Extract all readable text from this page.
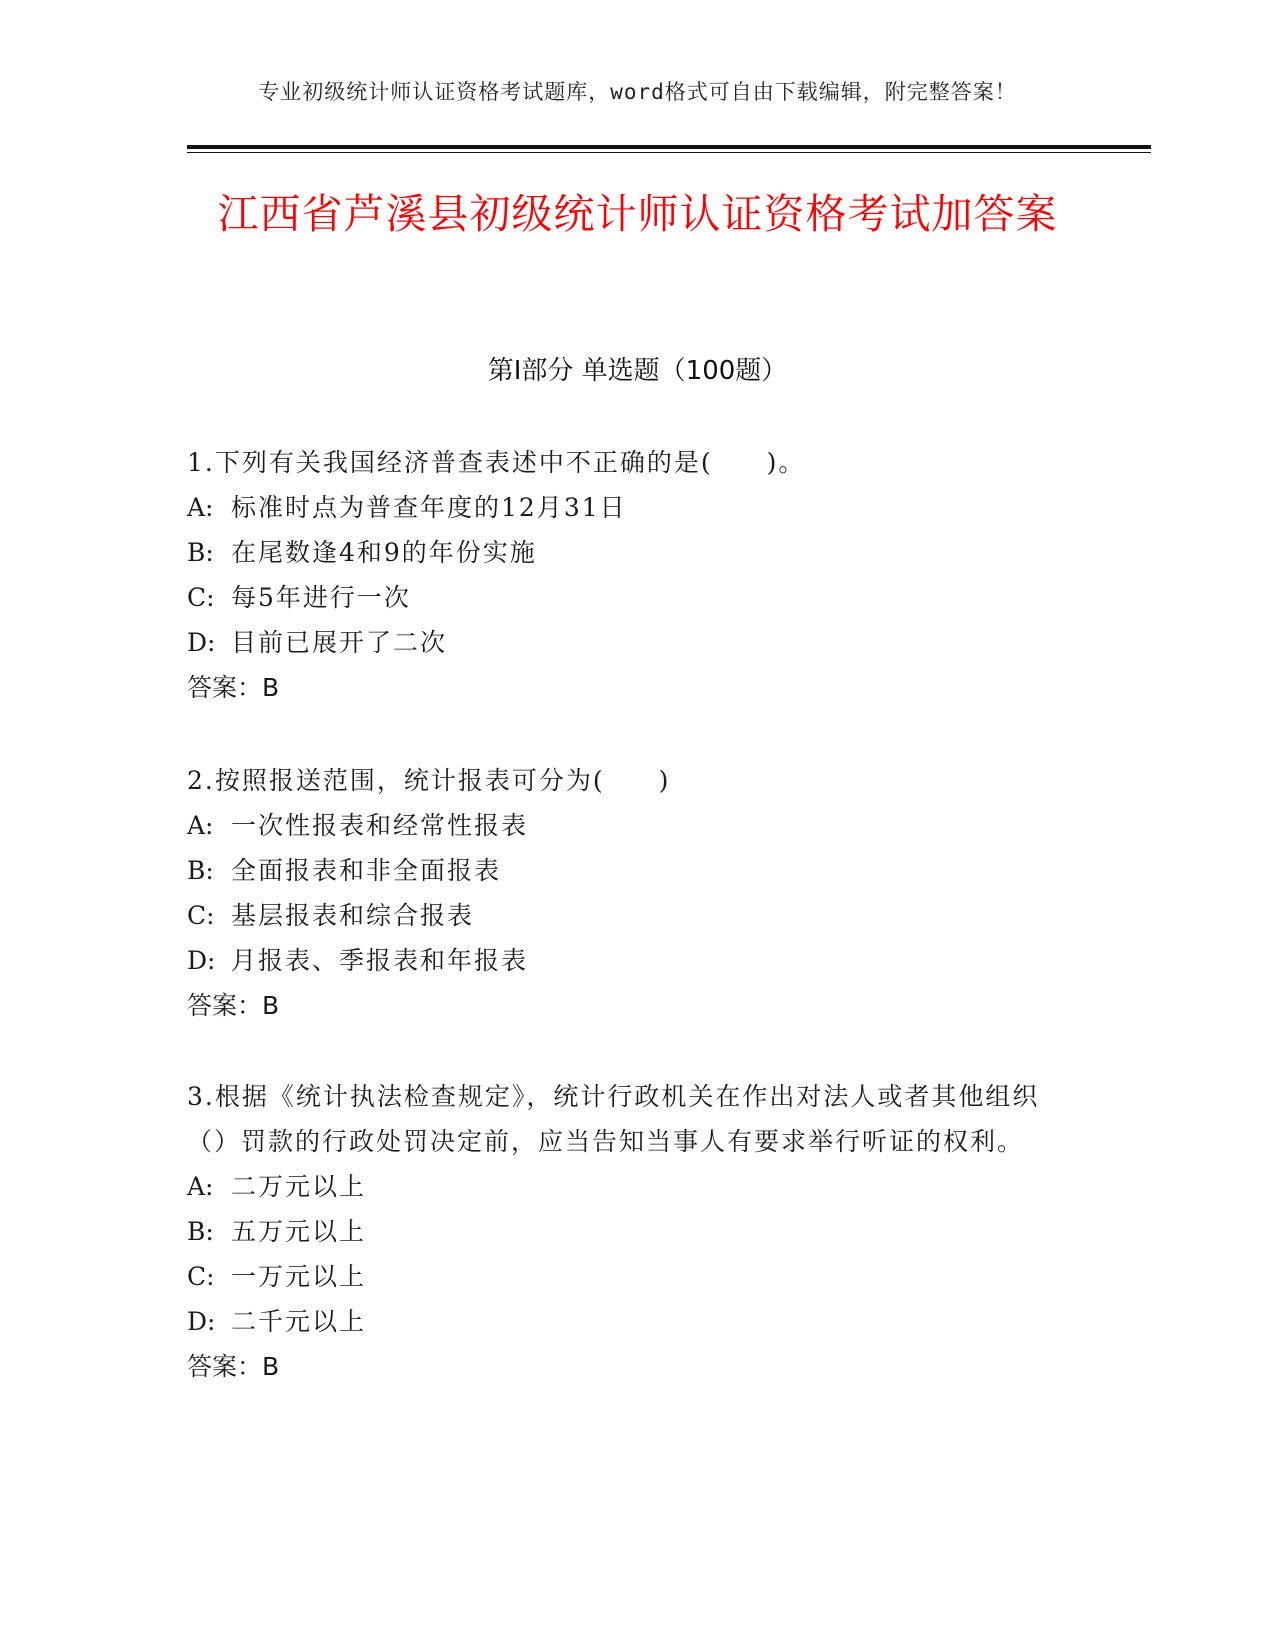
专业初级统计师认证资格考试题库，word格式可自由下载编辑，附完整答案！
江西省芦溪县初级统计师认证资格考试加答案
第Ⅰ部分 单选题（100题）

1.下列有关我国经济普查表述中不正确的是(　　)。

A: 标准时点为普查年度的12月31日

B: 在尾数逢4和9的年份实施

C: 每5年进行一次

D: 目前已展开了二次

答案：B

2.按照报送范围，统计报表可分为(　　)

A: 一次性报表和经常性报表

B: 全面报表和非全面报表

C: 基层报表和综合报表

D: 月报表、季报表和年报表

答案：B

3.根据《统计执法检查规定》，统计行政机关在作出对法人或者其他组织（）罚款的行政处罚决定前，应当告知当事人有要求举行听证的权利。

A: 二万元以上

B: 五万元以上

C: 一万元以上

D: 二千元以上

答案：B
